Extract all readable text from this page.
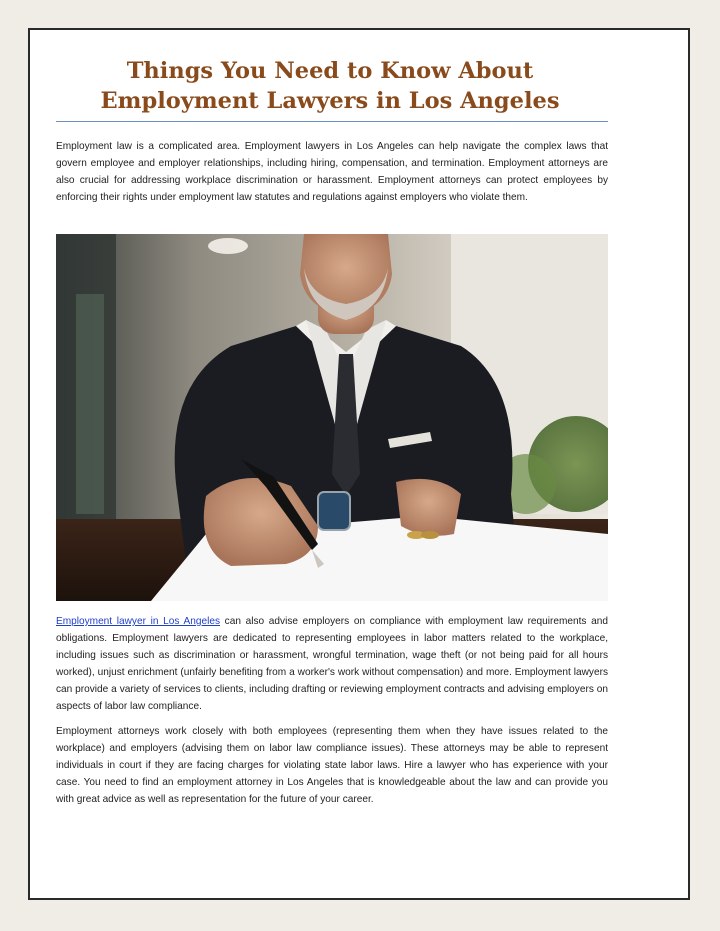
Things You Need to Know About Employment Lawyers in Los Angeles

Employment law is a complicated area. Employment lawyers in Los Angeles can help navigate the complex laws that govern employee and employer relationships, including hiring, compensation, and termination. Employment attorneys are also crucial for addressing workplace discrimination or harassment. Employment attorneys can protect employees by enforcing their rights under employment law statutes and regulations against employers who violate them.

Employment lawyer in Los Angeles can also advise employers on compliance with employment law requirements and obligations. Employment lawyers are dedicated to representing employees in labor matters related to the workplace, including issues such as discrimination or harassment, wrongful termination, wage theft (or not being paid for all hours worked), unjust enrichment (unfairly benefiting from a worker's work without compensation) and more. Employment lawyers can provide a variety of services to clients, including drafting or reviewing employment contracts and advising employers on aspects of labor law compliance.

Employment attorneys work closely with both employees (representing them when they have issues related to the workplace) and employers (advising them on labor law compliance issues). These attorneys may be able to represent individuals in court if they are facing charges for violating state labor laws. Hire a lawyer who has experience with your case. You need to find an employment attorney in Los Angeles that is knowledgeable about the law and can provide you with great advice as well as representation for the future of your career.
